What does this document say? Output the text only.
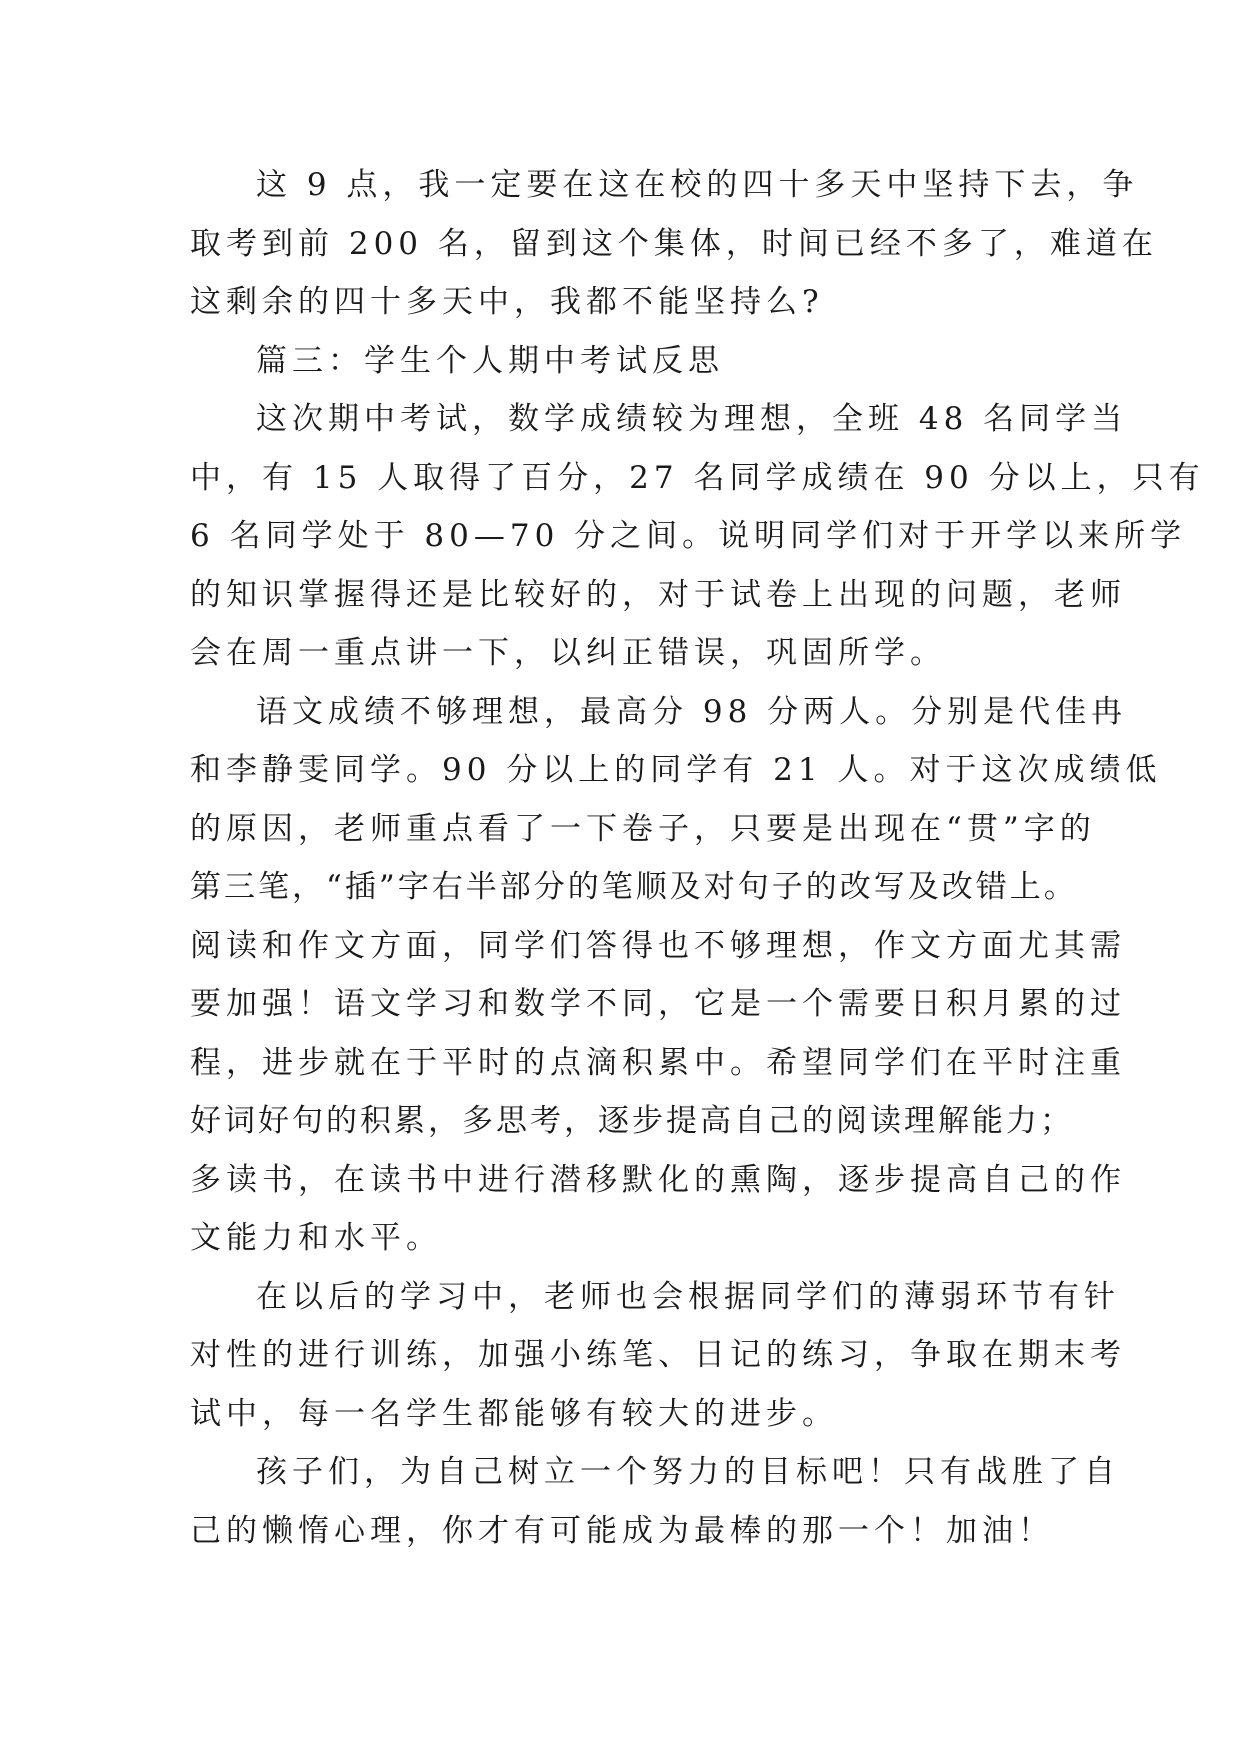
这 9 点，我一定要在这在校的四十多天中坚持下去，争
取考到前 200 名，留到这个集体，时间已经不多了，难道在
这剩余的四十多天中，我都不能坚持么?
篇三：学生个人期中考试反思
这次期中考试，数学成绩较为理想，全班 48 名同学当
中，有 15 人取得了百分，27 名同学成绩在 90 分以上，只有
6 名同学处于 80—70 分之间。说明同学们对于开学以来所学
的知识掌握得还是比较好的，对于试卷上出现的问题，老师
会在周一重点讲一下，以纠正错误，巩固所学。
语文成绩不够理想，最高分 98 分两人。分别是代佳冉
和李静雯同学。90 分以上的同学有 21 人。对于这次成绩低
的原因，老师重点看了一下卷子，只要是出现在“贯”字的
第三笔，“插”字右半部分的笔顺及对句子的改写及改错上。
阅读和作文方面，同学们答得也不够理想，作文方面尤其需
要加强！语文学习和数学不同，它是一个需要日积月累的过
程，进步就在于平时的点滴积累中。希望同学们在平时注重
好词好句的积累，多思考，逐步提高自己的阅读理解能力；
多读书，在读书中进行潜移默化的熏陶，逐步提高自己的作
文能力和水平。
在以后的学习中，老师也会根据同学们的薄弱环节有针
对性的进行训练，加强小练笔、日记的练习，争取在期末考
试中，每一名学生都能够有较大的进步。
孩子们，为自己树立一个努力的目标吧！只有战胜了自
己的懒惰心理，你才有可能成为最棒的那一个！加油！
